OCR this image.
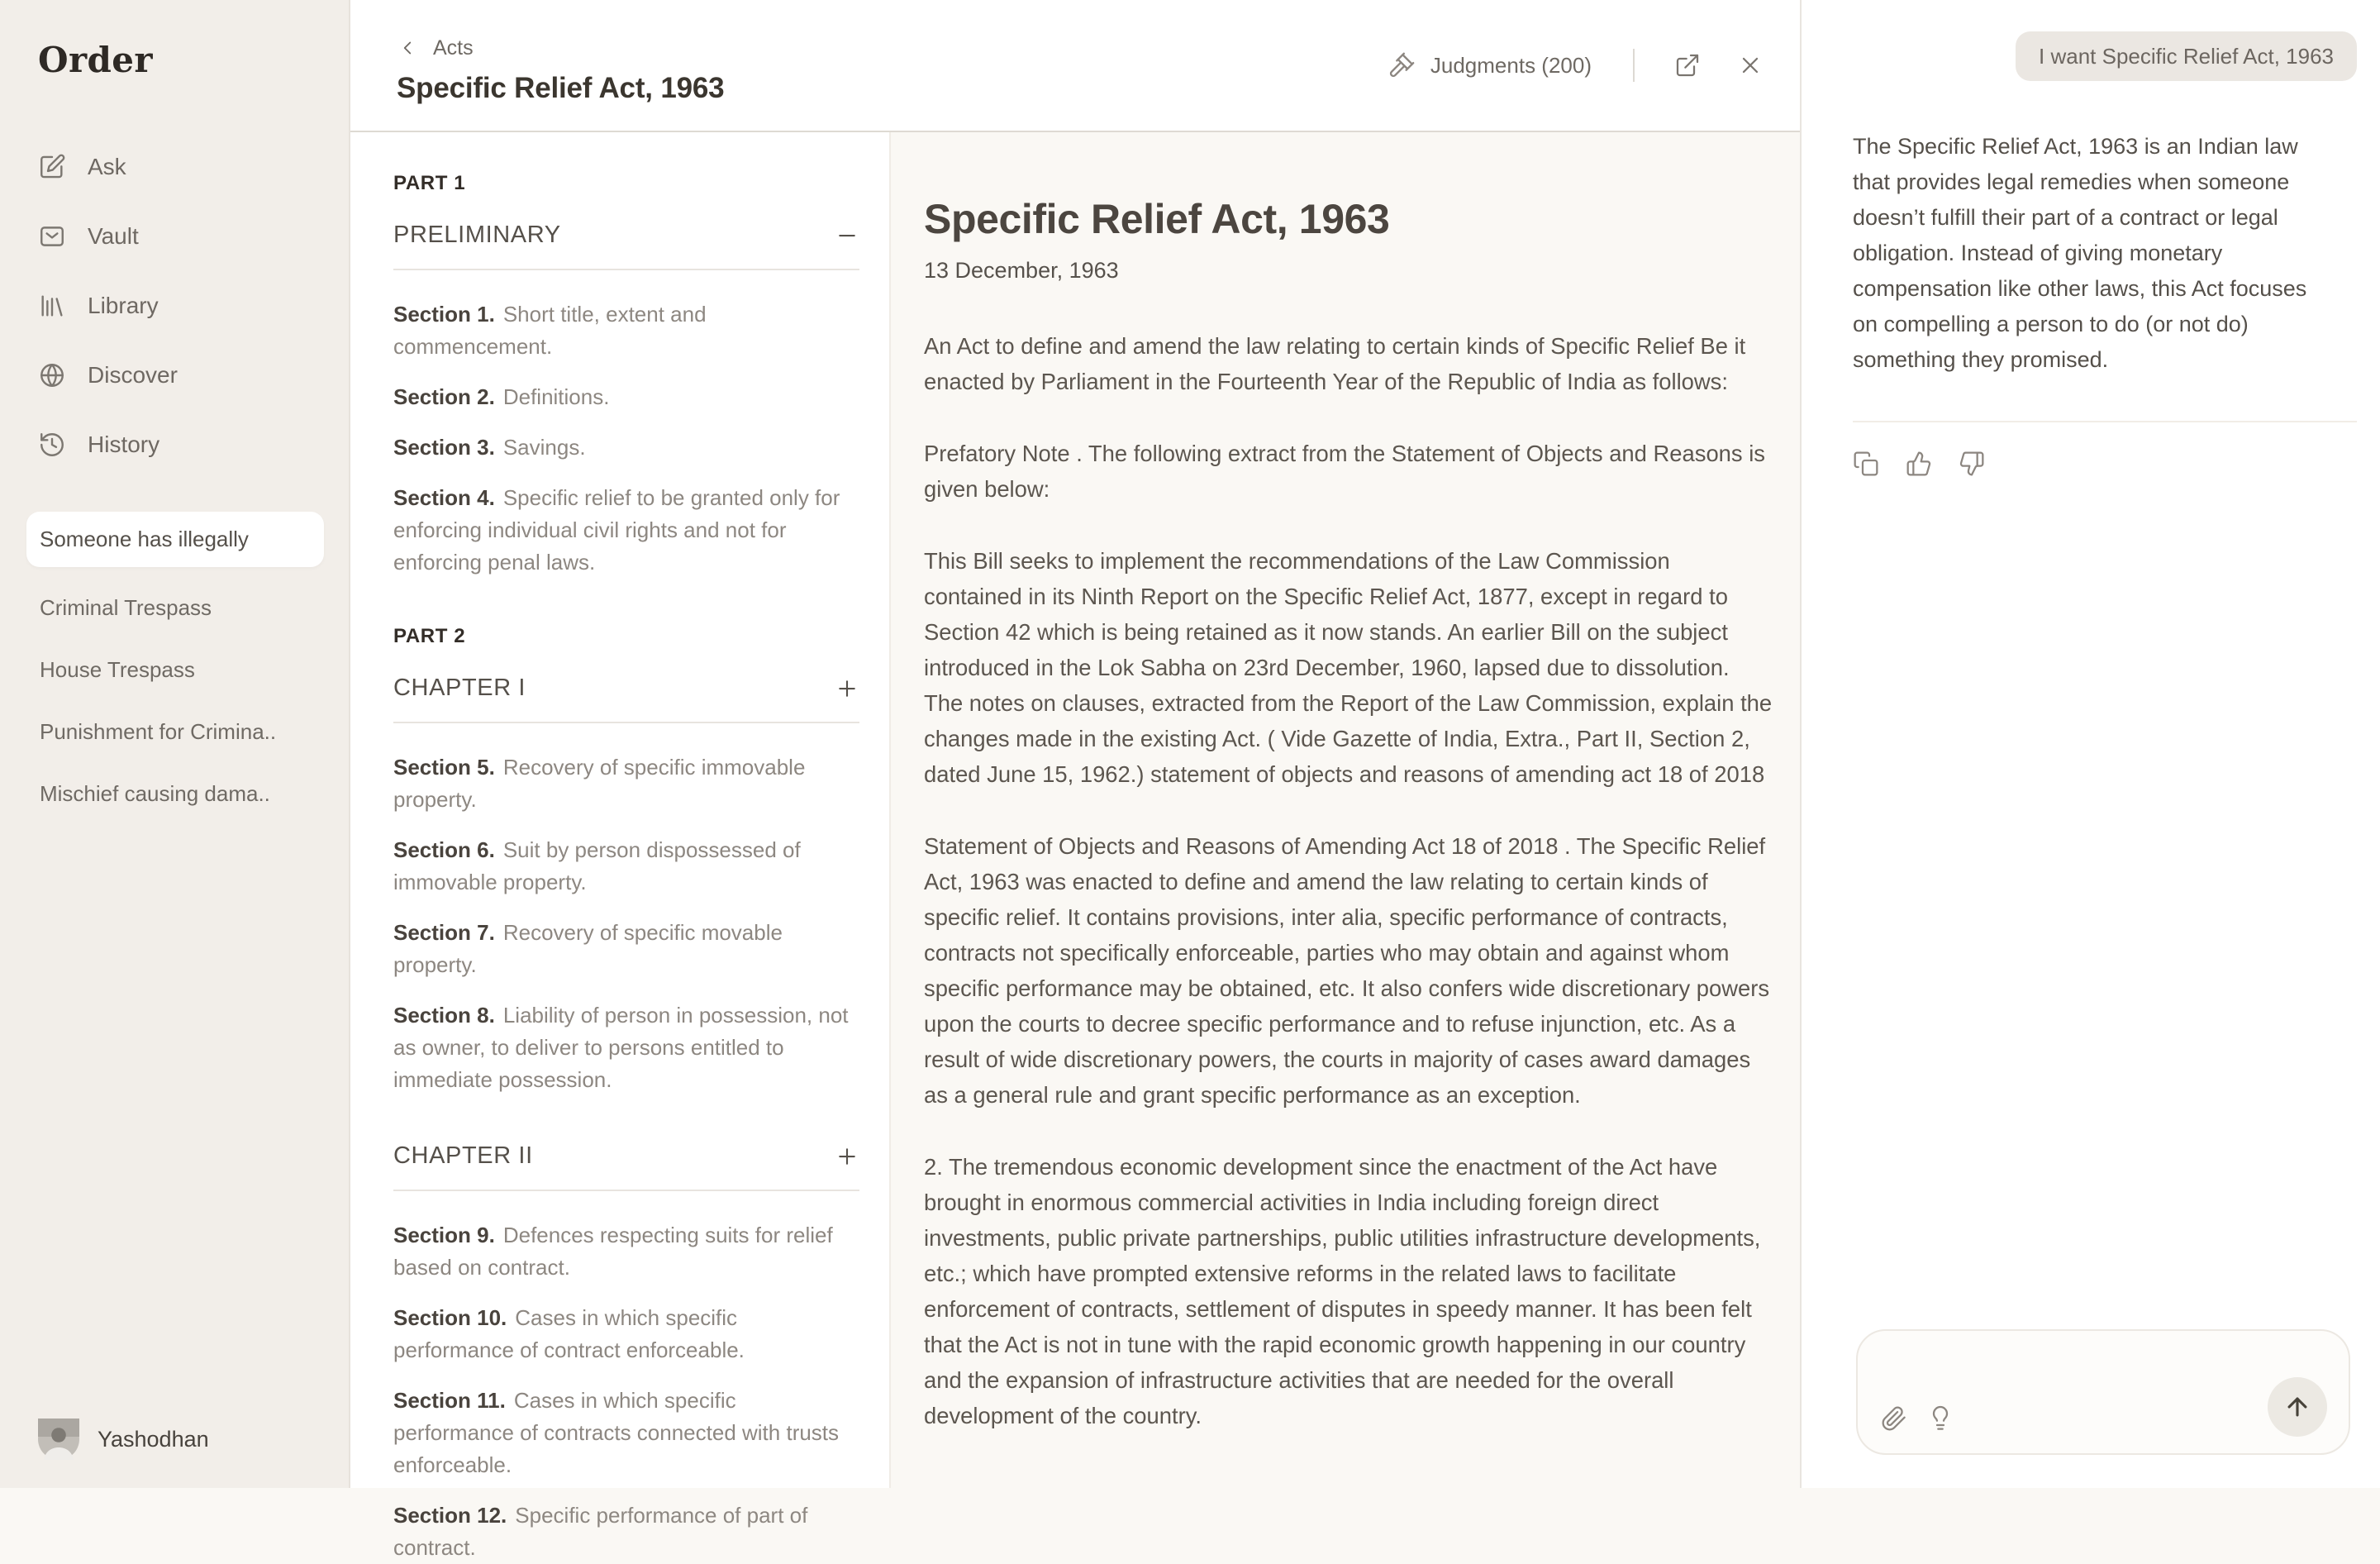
Order
Ask
Vault
Library
Discover
History
Someone has illegally
Criminal Trespass
House Trespass
Punishment for Crimina..
Mischief causing dama..
Yashodhan
Acts
Specific Relief Act, 1963
Judgments (200)
PART 1
PRELIMINARY

Section 1. Short title, extent and commencement.

Section 2. Definitions.

Section 3. Savings.

Section 4. Specific relief to be granted only for enforcing individual civil rights and not for enforcing penal laws.

PART 2
CHAPTER I

Section 5. Recovery of specific immovable property.

Section 6. Suit by person dispossessed of immovable property.

Section 7. Recovery of specific movable property.

Section 8. Liability of person in possession, not as owner, to deliver to persons entitled to immediate possession.

CHAPTER II

Section 9. Defences respecting suits for relief based on contract.

Section 10. Cases in which specific performance of contract enforceable.

Section 11. Cases in which specific performance of contracts connected with trusts enforceable.

Section 12. Specific performance of part of contract.

Specific Relief Act, 1963
13 December, 1963

An Act to define and amend the law relating to certain kinds of Specific Relief Be it enacted by Parliament in the Fourteenth Year of the Republic of India as follows:

Prefatory Note . The following extract from the Statement of Objects and Reasons is given below:

This Bill seeks to implement the recommendations of the Law Commission contained in its Ninth Report on the Specific Relief Act, 1877, except in regard to Section 42 which is being retained as it now stands. An earlier Bill on the subject introduced in the Lok Sabha on 23rd December, 1960, lapsed due to dissolution. The notes on clauses, extracted from the Report of the Law Commission, explain the changes made in the existing Act. ( Vide Gazette of India, Extra., Part II, Section 2, dated June 15, 1962.) statement of objects and reasons of amending act 18 of 2018

Statement of Objects and Reasons of Amending Act 18 of 2018 . The Specific Relief Act, 1963 was enacted to define and amend the law relating to certain kinds of specific relief. It contains provisions, inter alia, specific performance of contracts, contracts not specifically enforceable, parties who may obtain and against whom specific performance may be obtained, etc. It also confers wide discretionary powers upon the courts to decree specific performance and to refuse injunction, etc. As a result of wide discretionary powers, the courts in majority of cases award damages as a general rule and grant specific performance as an exception.

2. The tremendous economic development since the enactment of the Act have brought in enormous commercial activities in India including foreign direct investments, public private partnerships, public utilities infrastructure developments, etc.; which have prompted extensive reforms in the related laws to facilitate enforcement of contracts, settlement of disputes in speedy manner. It has been felt that the Act is not in tune with the rapid economic growth happening in our country and the expansion of infrastructure activities that are needed for the overall development of the country.

I want Specific Relief Act, 1963
The Specific Relief Act, 1963 is an Indian law that provides legal remedies when someone doesn’t fulfill their part of a contract or legal obligation. Instead of giving monetary compensation like other laws, this Act focuses on compelling a person to do (or not do) something they promised.
